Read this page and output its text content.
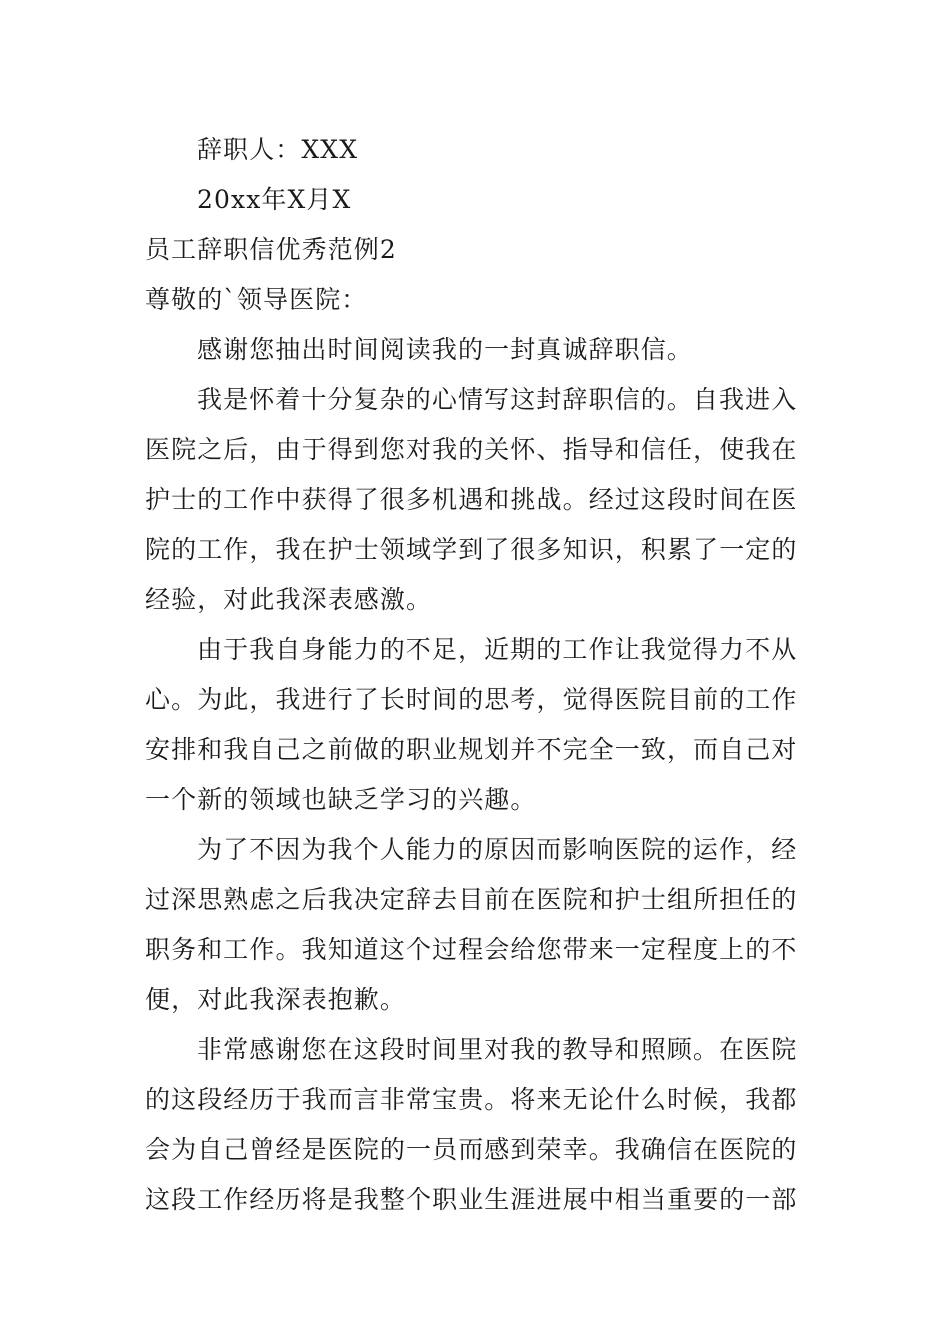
辞职人：XXX
20xx年X月X
员工辞职信优秀范例2
尊敬的`领导医院：
感谢您抽出时间阅读我的一封真诚辞职信。
我是怀着十分复杂的心情写这封辞职信的。自我进入
医院之后，由于得到您对我的关怀、指导和信任，使我在
护士的工作中获得了很多机遇和挑战。经过这段时间在医
院的工作，我在护士领域学到了很多知识，积累了一定的
经验，对此我深表感激。
由于我自身能力的不足，近期的工作让我觉得力不从
心。为此，我进行了长时间的思考，觉得医院目前的工作
安排和我自己之前做的职业规划并不完全一致，而自己对
一个新的领域也缺乏学习的兴趣。
为了不因为我个人能力的原因而影响医院的运作，经
过深思熟虑之后我决定辞去目前在医院和护士组所担任的
职务和工作。我知道这个过程会给您带来一定程度上的不
便，对此我深表抱歉。
非常感谢您在这段时间里对我的教导和照顾。在医院
的这段经历于我而言非常宝贵。将来无论什么时候，我都
会为自己曾经是医院的一员而感到荣幸。我确信在医院的
这段工作经历将是我整个职业生涯进展中相当重要的一部
